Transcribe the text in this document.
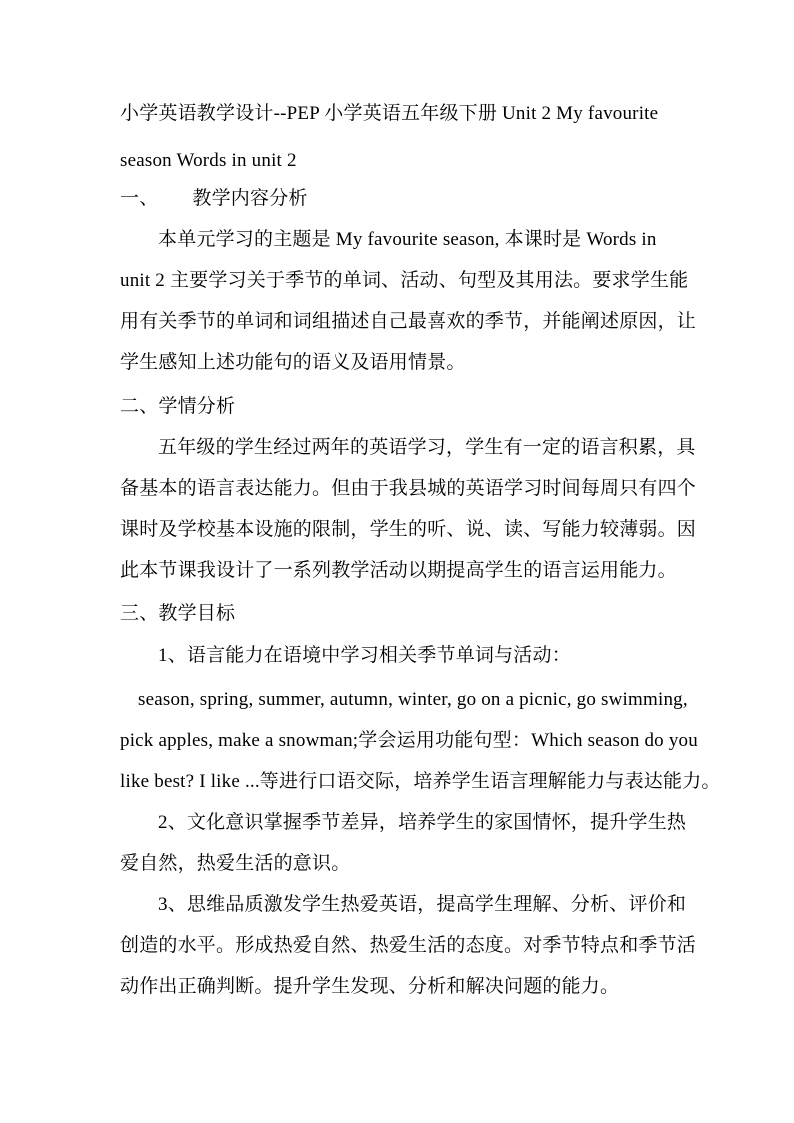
小学英语教学设计--PEP 小学英语五年级下册 Unit 2 My favourite
season Words in unit 2
一、 教学内容分析
本单元学习的主题是 My favourite season, 本课时是 Words in
unit 2 主要学习关于季节的单词、活动、句型及其用法。要求学生能
用有关季节的单词和词组描述自己最喜欢的季节，并能阐述原因，让
学生感知上述功能句的语义及语用情景。
二、学情分析
五年级的学生经过两年的英语学习，学生有一定的语言积累，具
备基本的语言表达能力。但由于我县城的英语学习时间每周只有四个
课时及学校基本设施的限制，学生的听、说、读、写能力较薄弱。因
此本节课我设计了一系列教学活动以期提高学生的语言运用能力。
三、教学目标
1、语言能力在语境中学习相关季节单词与活动：
season, spring, summer, autumn, winter, go on a picnic, go swimming,
pick apples, make a snowman;学会运用功能句型：Which season do you
like best? I like ...等进行口语交际，培养学生语言理解能力与表达能力。
2、文化意识掌握季节差异，培养学生的家国情怀，提升学生热
爱自然，热爱生活的意识。
3、思维品质激发学生热爱英语，提高学生理解、分析、评价和
创造的水平。形成热爱自然、热爱生活的态度。对季节特点和季节活
动作出正确判断。提升学生发现、分析和解决问题的能力。
